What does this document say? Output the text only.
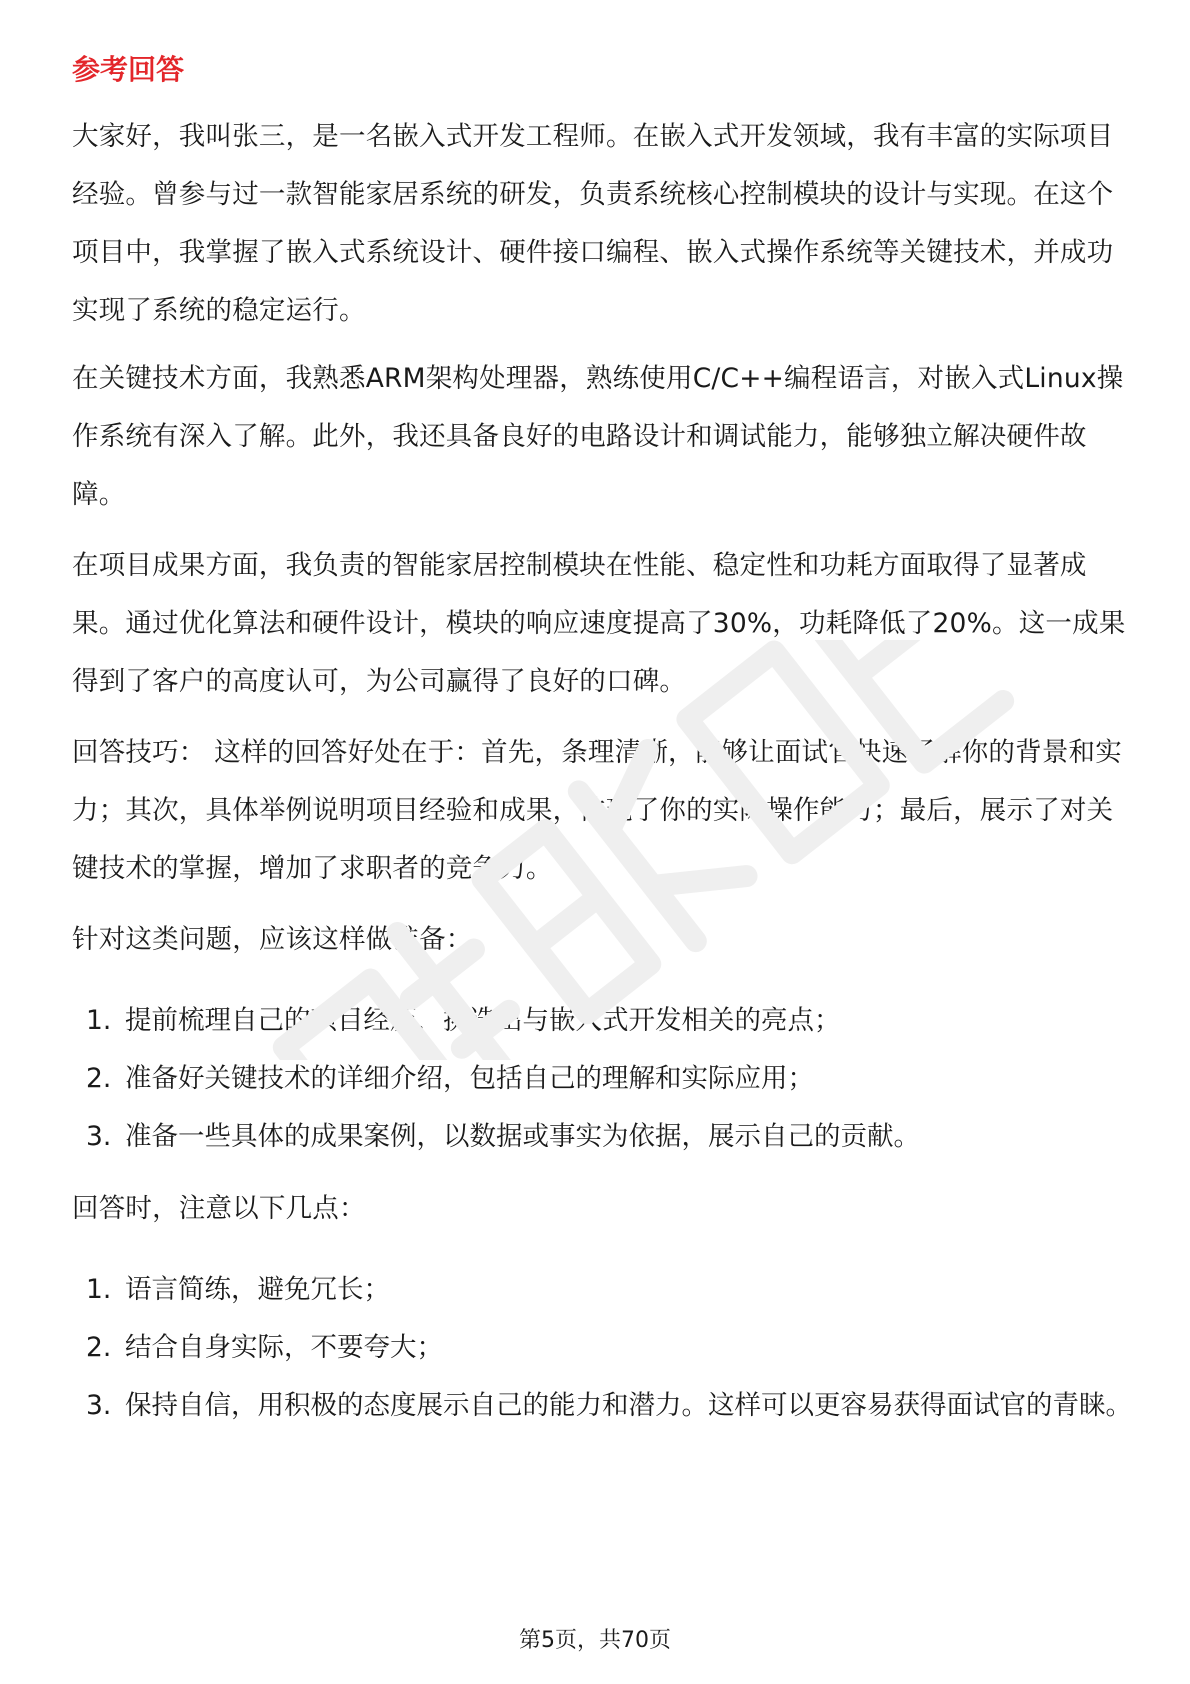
参考回答

大家好，我叫张三，是一名嵌入式开发工程师。在嵌入式开发领域，我有丰富的实际项目经验。曾参与过一款智能家居系统的研发，负责系统核心控制模块的设计与实现。在这个项目中，我掌握了嵌入式系统设计、硬件接口编程、嵌入式操作系统等关键技术，并成功实现了系统的稳定运行。

在关键技术方面，我熟悉ARM架构处理器，熟练使用C/C++编程语言，对嵌入式Linux操作系统有深入了解。此外，我还具备良好的电路设计和调试能力，能够独立解决硬件故障。

在项目成果方面，我负责的智能家居控制模块在性能、稳定性和功耗方面取得了显著成果。通过优化算法和硬件设计，模块的响应速度提高了30%，功耗降低了20%。这一成果得到了客户的高度认可，为公司赢得了良好的口碑。

回答技巧： 这样的回答好处在于：首先，条理清晰，能够让面试官快速了解你的背景和实力；其次，具体举例说明项目经验和成果，体现了你的实际操作能力；最后，展示了对关键技术的掌握，增加了求职者的竞争力。

针对这类问题，应该这样做准备：

1. 提前梳理自己的项目经历，挑选出与嵌入式开发相关的亮点；
2. 准备好关键技术的详细介绍，包括自己的理解和实际应用；
3. 准备一些具体的成果案例，以数据或事实为依据，展示自己的贡献。

回答时，注意以下几点：

1. 语言简练，避免冗长；
2. 结合自身实际，不要夸大；
3. 保持自信，用积极的态度展示自己的能力和潜力。这样可以更容易获得面试官的青睐。
第5页，共70页
